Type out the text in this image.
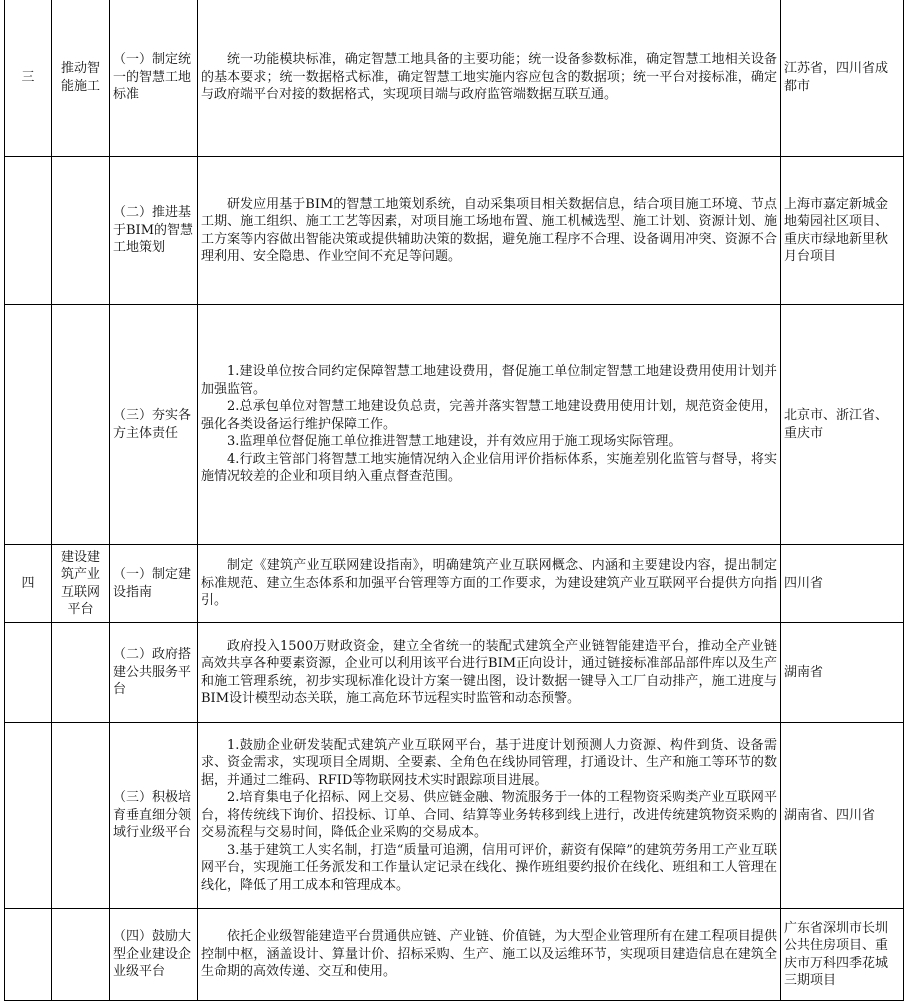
三	推动智能施工	（一）制定统一的智慧工地标准	统一功能模块标准，确定智慧工地具备的主要功能；统一设备参数标准，确定智慧工地相关设备的基本要求；统一数据格式标准，确定智慧工地实施内容应包含的数据项；统一平台对接标准，确定与政府端平台对接的数据格式，实现项目端与政府监管端数据互联互通。	江苏省，四川省成都市

		（二）推进基于BIM的智慧工地策划	研发应用基于BIM的智慧工地策划系统，自动采集项目相关数据信息，结合项目施工环境、节点工期、施工组织、施工工艺等因素，对项目施工场地布置、施工机械选型、施工计划、资源计划、施工方案等内容做出智能决策或提供辅助决策的数据，避免施工程序不合理、设备调用冲突、资源不合理利用、安全隐患、作业空间不充足等问题。	上海市嘉定新城金地菊园社区项目、重庆市绿地新里秋月台项目

		（三）夯实各方主体责任	1.建设单位按合同约定保障智慧工地建设费用，督促施工单位制定智慧工地建设费用使用计划并加强监管。

2.总承包单位对智慧工地建设负总责，完善并落实智慧工地建设费用使用计划，规范资金使用，强化各类设备运行维护保障工作。

3.监理单位督促施工单位推进智慧工地建设，并有效应用于施工现场实际管理。

4.行政主管部门将智慧工地实施情况纳入企业信用评价指标体系，实施差别化监管与督导，将实施情况较差的企业和项目纳入重点督查范围。	北京市、浙江省、重庆市
四	建设建筑产业互联网平台	（一）制定建设指南	制定《建筑产业互联网建设指南》，明确建筑产业互联网概念、内涵和主要建设内容，提出制定标准规范、建立生态体系和加强平台管理等方面的工作要求，为建设建筑产业互联网平台提供方向指引。	四川省

		（二）政府搭建公共服务平台	政府投入1500万财政资金，建立全省统一的装配式建筑全产业链智能建造平台，推动全产业链高效共享各种要素资源，企业可以利用该平台进行BIM正向设计，通过链接标准部品部件库以及生产和施工管理系统，初步实现标准化设计方案一键出图，设计数据一键导入工厂自动排产，施工进度与BIM设计模型动态关联，施工高危环节远程实时监管和动态预警。	湖南省

		（三）积极培育垂直细分领域行业级平台	1.鼓励企业研发装配式建筑产业互联网平台，基于进度计划预测人力资源、构件到货、设备需求、资金需求，实现项目全周期、全要素、全角色在线协同管理，打通设计、生产和施工等环节的数据，并通过二维码、RFID等物联网技术实时跟踪项目进展。

2.培育集电子化招标、网上交易、供应链金融、物流服务于一体的工程物资采购类产业互联网平台，将传统线下询价、招投标、订单、合同、结算等业务转移到线上进行，改进传统建筑物资采购的交易流程与交易时间，降低企业采购的交易成本。

3.基于建筑工人实名制，打造“质量可追溯，信用可评价，薪资有保障”的建筑劳务用工产业互联网平台，实现施工任务派发和工作量认定记录在线化、操作班组要约报价在线化、班组和工人管理在线化，降低了用工成本和管理成本。	湖南省、四川省

		（四）鼓励大型企业建设企业级平台	依托企业级智能建造平台贯通供应链、产业链、价值链，为大型企业管理所有在建工程项目提供控制中枢，涵盖设计、算量计价、招标采购、生产、施工以及运维环节，实现项目建造信息在建筑全生命期的高效传递、交互和使用。	广东省深圳市长圳公共住房项目、重庆市万科四季花城三期项目
